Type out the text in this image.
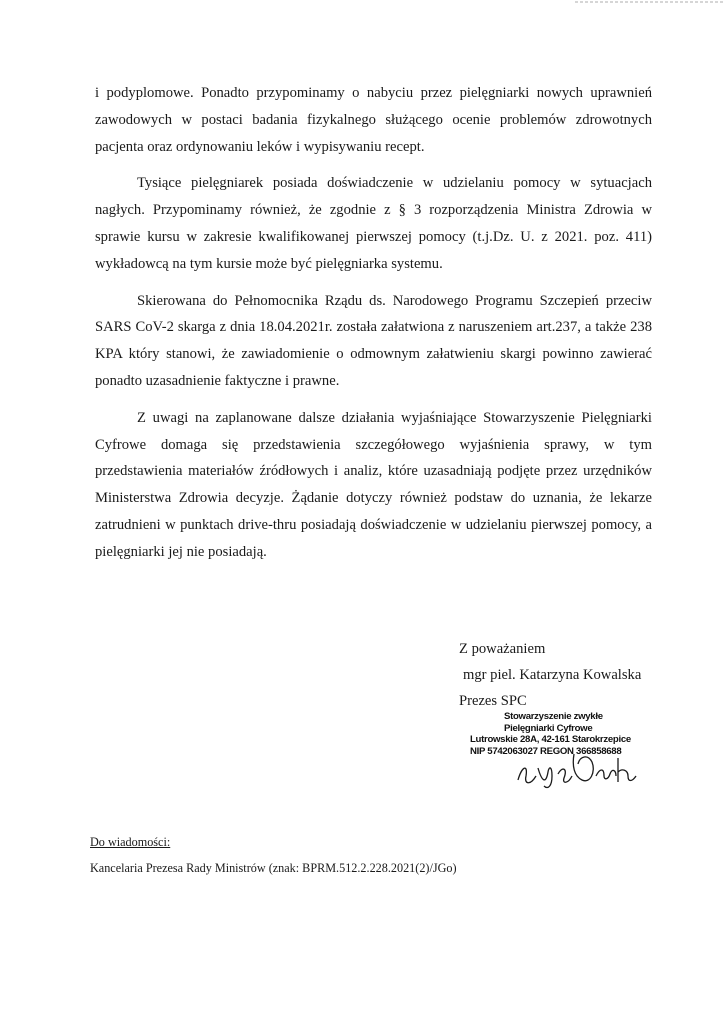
i podyplomowe. Ponadto przypominamy o nabyciu przez pielęgniarki nowych uprawnień zawodowych w postaci badania fizykalnego służącego ocenie problemów zdrowotnych pacjenta oraz ordynowaniu leków i wypisywaniu recept.

Tysiące pielęgniarek posiada doświadczenie w udzielaniu pomocy w sytuacjach nagłych. Przypominamy również, że zgodnie z § 3 rozporządzenia Ministra Zdrowia w sprawie kursu w zakresie kwalifikowanej pierwszej pomocy (t.j.Dz. U. z 2021. poz. 411) wykładowcą na tym kursie może być pielęgniarka systemu.

Skierowana do Pełnomocnika Rządu ds. Narodowego Programu Szczepień przeciw SARS CoV-2 skarga z dnia 18.04.2021r. została załatwiona z naruszeniem art.237, a także 238 KPA który stanowi, że zawiadomienie o odmownym załatwieniu skargi powinno zawierać ponadto uzasadnienie faktyczne i prawne.

Z uwagi na zaplanowane dalsze działania wyjaśniające Stowarzyszenie Pielęgniarki Cyfrowe domaga się przedstawienia szczegółowego wyjaśnienia sprawy, w tym przedstawienia materiałów źródłowych i analiz, które uzasadniają podjęte przez urzędników Ministerstwa Zdrowia decyzje. Żądanie dotyczy również podstaw do uznania, że lekarze zatrudnieni w punktach drive-thru posiadają doświadczenie w udzielaniu pierwszej pomocy, a pielęgniarki jej nie posiadają.

Z poważaniem
mgr piel. Katarzyna Kowalska
Prezes SPC
Stowarzyszenie zwykłe
Pielęgniarki Cyfrowe
Lutrowskie 28A, 42-161 Starokrzepice
NIP 5742063027 REGON 366858688
Do wiadomości:
Kancelaria Prezesa Rady Ministrów (znak: BPRM.512.2.228.2021(2)/JGo)
